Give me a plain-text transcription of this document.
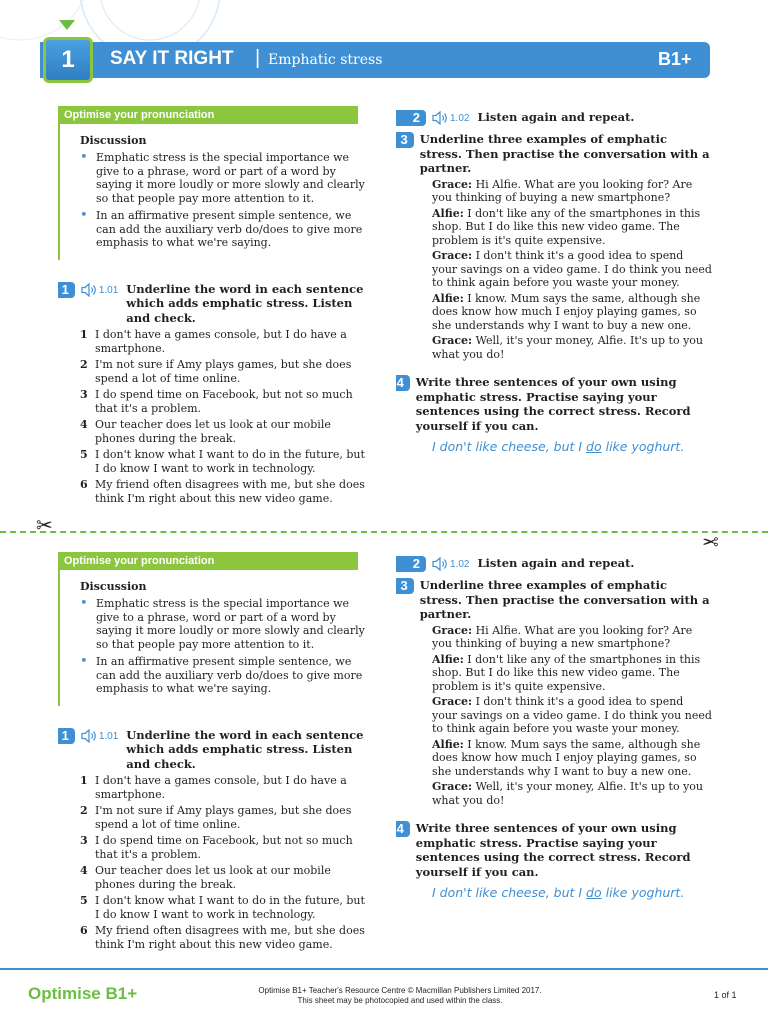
1	SAY IT RIGHT | Emphatic stress	B1+
Optimise your pronunciation
Discussion
• Emphatic stress is the special importance we give to a phrase, word or part of a word by saying it more loudly or more slowly and clearly so that people pay more attention to it.
• In an affirmative present simple sentence, we can add the auxiliary verb do/does to give more emphasis to what we're saying.
1	1.01 Underline the word in each sentence which adds emphatic stress. Listen and check.
1 I don't have a games console, but I do have a smartphone.
2 I'm not sure if Amy plays games, but she does spend a lot of time online.
3 I do spend time on Facebook, but not so much that it's a problem.
4 Our teacher does let us look at our mobile phones during the break.
5 I don't know what I want to do in the future, but I do know I want to work in technology.
6 My friend often disagrees with me, but she does think I'm right about this new video game.
2	1.02 Listen again and repeat.
3	Underline three examples of emphatic stress. Then practise the conversation with a partner.

Grace: Hi Alfie. What are you looking for? Are you thinking of buying a new smartphone?

Alfie: I don't like any of the smartphones in this shop. But I do like this new video game. The problem is it's quite expensive.

Grace: I don't think it's a good idea to spend your savings on a video game. I do think you need to think again before you waste your money.

Alfie: I know. Mum says the same, although she does know how much I enjoy playing games, so she understands why I want to buy a new one.

Grace: Well, it's your money, Alfie. It's up to you what you do!

4	Write three sentences of your own using emphatic stress. Practise saying your sentences using the correct stress. Record yourself if you can.
I don't like cheese, but I do like yoghurt.
✂
✂
Optimise your pronunciation
Discussion
• Emphatic stress is the special importance we give to a phrase, word or part of a word by saying it more loudly or more slowly and clearly so that people pay more attention to it.
• In an affirmative present simple sentence, we can add the auxiliary verb do/does to give more emphasis to what we're saying.
1	1.01 Underline the word in each sentence which adds emphatic stress. Listen and check.
1 I don't have a games console, but I do have a smartphone.
2 I'm not sure if Amy plays games, but she does spend a lot of time online.
3 I do spend time on Facebook, but not so much that it's a problem.
4 Our teacher does let us look at our mobile phones during the break.
5 I don't know what I want to do in the future, but I do know I want to work in technology.
6 My friend often disagrees with me, but she does think I'm right about this new video game.
2	1.02 Listen again and repeat.
3	Underline three examples of emphatic stress. Then practise the conversation with a partner.

Grace: Hi Alfie. What are you looking for? Are you thinking of buying a new smartphone?

Alfie: I don't like any of the smartphones in this shop. But I do like this new video game. The problem is it's quite expensive.

Grace: I don't think it's a good idea to spend your savings on a video game. I do think you need to think again before you waste your money.

Alfie: I know. Mum says the same, although she does know how much I enjoy playing games, so she understands why I want to buy a new one.

Grace: Well, it's your money, Alfie. It's up to you what you do!

4	Write three sentences of your own using emphatic stress. Practise saying your sentences using the correct stress. Record yourself if you can.
I don't like cheese, but I do like yoghurt.
Optimise B1+	Optimise B1+ Teacher's Resource Centre © Macmillan Publishers Limited 2017.
This sheet may be photocopied and used within the class.
1 of 1
